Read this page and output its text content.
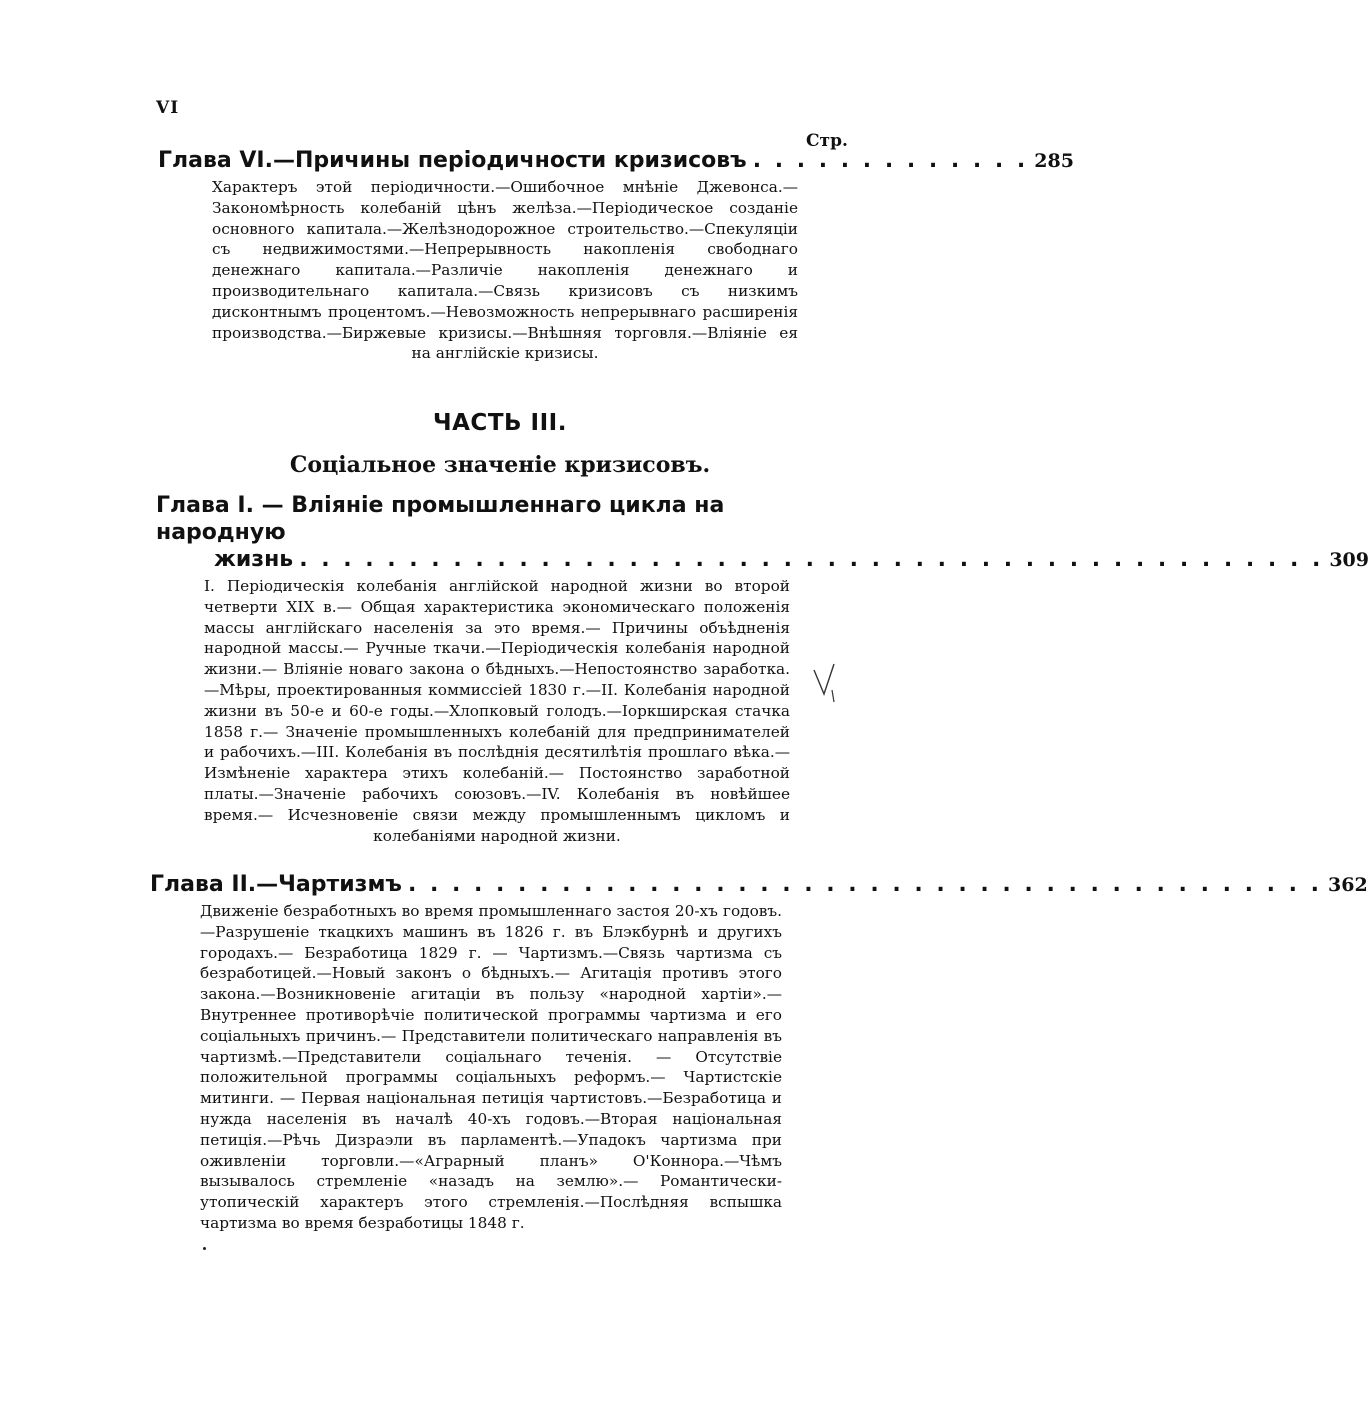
VI
Стр.
Глава VI.—Причины періодичности кризисовъ . . . . . . . . . . . . . 285

Характеръ этой періодичности.—Ошибочное мнѣніе Джевонса.—Закономѣрность колебаній цѣнъ желѣза.—Періодическое созданіе основного капитала.—Желѣзнодорожное строительство.—Спекуляціи съ недвижимостями.—Непрерывность накопленія свободнаго денежнаго капитала.—Различіе накопленія денежнаго и производительнаго капитала.—Связь кризисовъ съ низкимъ дисконтнымъ процентомъ.—Невозможность непрерывнаго расширенія производства.—Биржевые кризисы.—Внѣшняя торговля.—Вліяніе ея на англійскіе кризисы.

ЧАСТЬ III.
Соціальное значеніе кризисовъ.
Глава I. — Вліяніе промышленнаго цикла на народную
жизнь . . . . . . . . . . . . . . . . . . . . . . . . . . . . . . . . . . . . . . . . . . . . . . . 309

I. Періодическія колебанія англійской народной жизни во второй четверти XIX в.— Общая характеристика экономическаго положенія массы англійскаго населенія за это время.— Причины объѣдненія народной массы.— Ручные ткачи.—Періодическія колебанія народной жизни.— Вліяніе новаго закона о бѣдныхъ.—Непостоянство заработка.—Мѣры, проектированныя коммиссіей 1830 г.—II. Колебанія народной жизни въ 50-е и 60-е годы.—Хлопковый голодъ.—Іоркширская стачка 1858 г.— Значеніе промышленныхъ колебаній для предпринимателей и рабочихъ.—III. Колебанія въ послѣднія десятилѣтія прошлаго вѣка.—Измѣненіе характера этихъ колебаній.— Постоянство заработной платы.—Значеніе рабочихъ союзовъ.—IV. Колебанія въ новѣйшее время.— Исчезновеніе связи между промышленнымъ цикломъ и колебаніями народной жизни.

Глава II.—Чартизмъ . . . . . . . . . . . . . . . . . . . . . . . . . . . . . . . . . . . . . . . . . . 362

Движеніе безработныхъ во время промышленнаго застоя 20-хъ годовъ.—Разрушеніе ткацкихъ машинъ въ 1826 г. въ Блэкбурнѣ и другихъ городахъ.— Безработица 1829 г. — Чартизмъ.—Связь чартизма съ безработицей.—Новый законъ о бѣдныхъ.— Агитація противъ этого закона.—Возникновеніе агитаціи въ пользу «народной хартіи».—Внутреннее противорѣчіе политической программы чартизма и его соціальныхъ причинъ.— Представители политическаго направленія въ чартизмѣ.—Представители соціальнаго теченія. — Отсутствіе положительной программы соціальныхъ реформъ.— Чартистскіе митинги. — Первая національная петиція чартистовъ.—Безработица и нужда населенія въ началѣ 40-хъ годовъ.—Вторая національная петиція.—Рѣчь Дизраэли въ парламентѣ.—Упадокъ чартизма при оживленіи торговли.—«Аграрный планъ» О'Коннора.—Чѣмъ вызывалось стремленіе «назадъ на землю».— Романтически-утопическій характеръ этого стремленія.—Послѣдняя вспышка чартизма во время безработицы 1848 г.
